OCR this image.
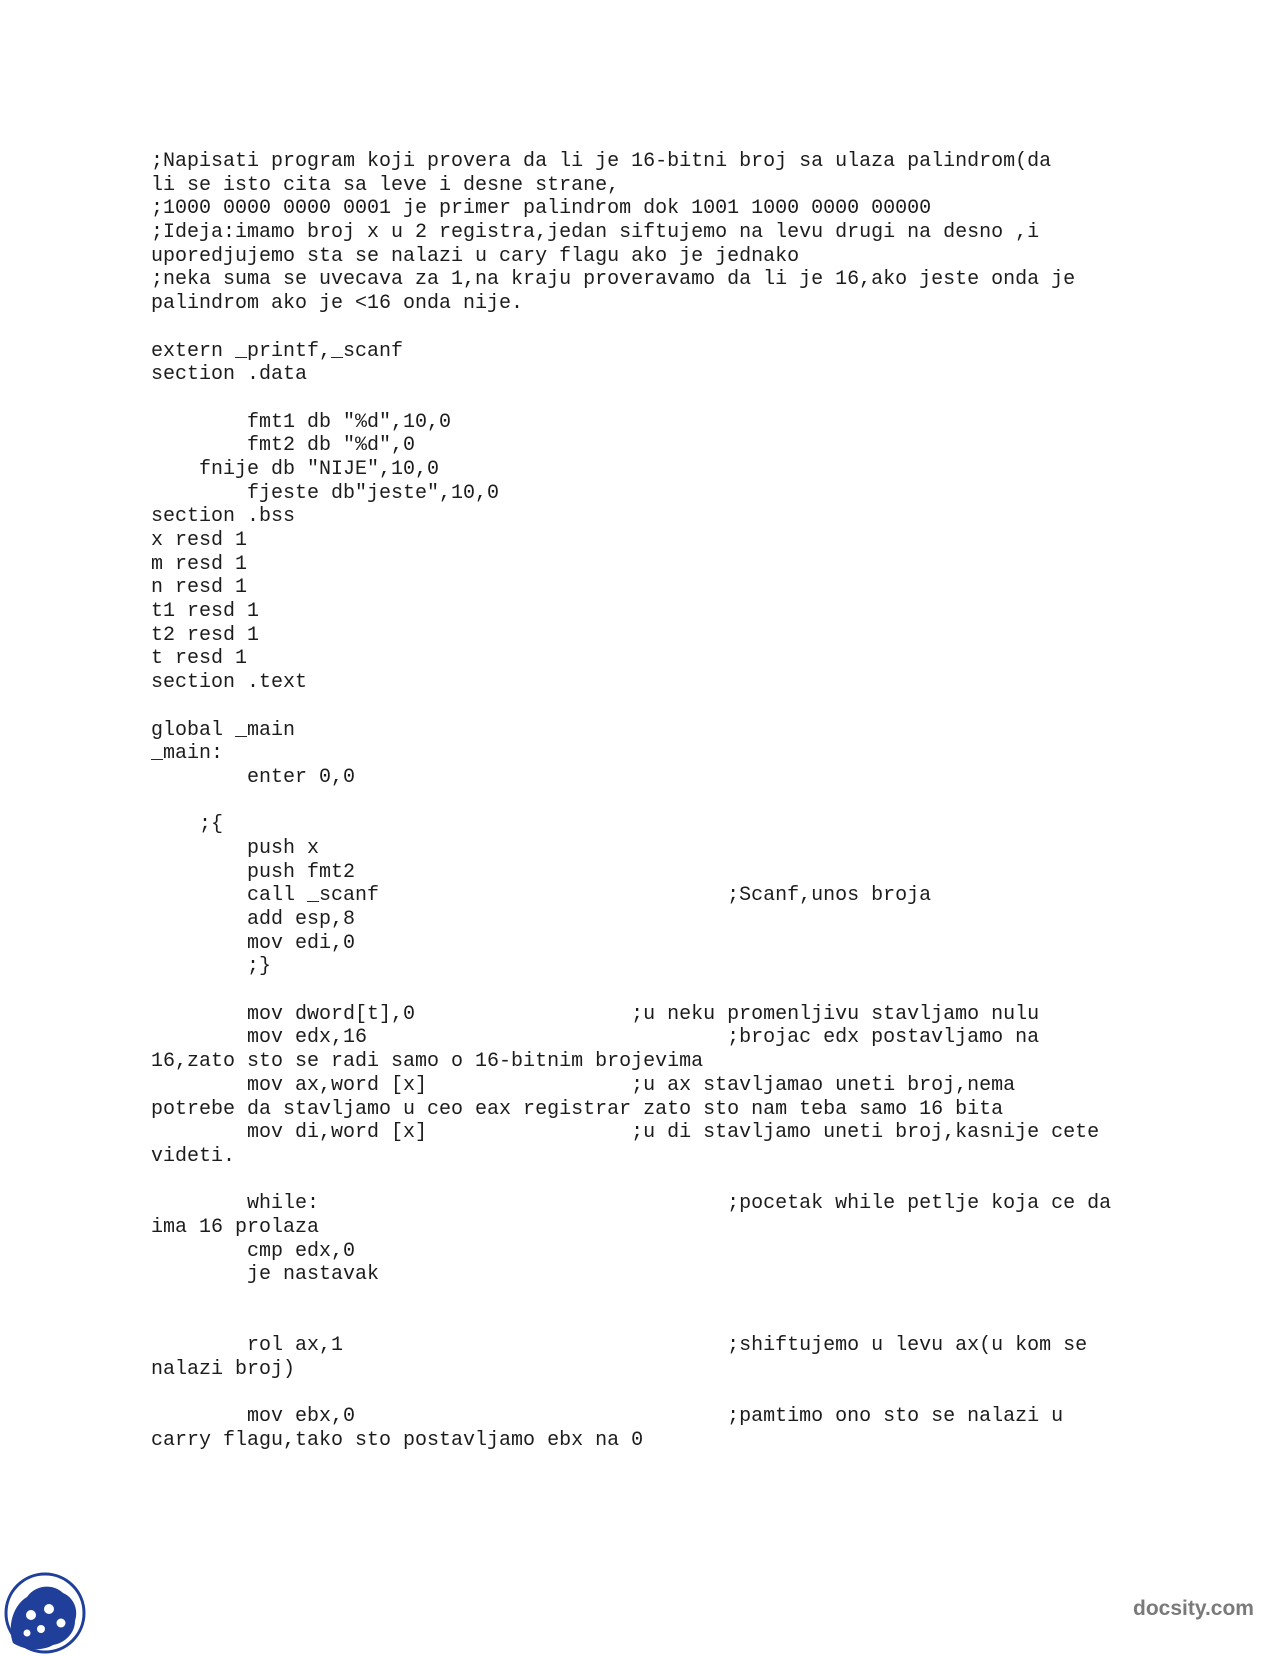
;Napisati program koji provera da li je 16-bitni broj sa ulaza palindrom(da
li se isto cita sa leve i desne strane,
;1000 0000 0000 0001 je primer palindrom dok 1001 1000 0000 00000
;Ideja:imamo broj x u 2 registra,jedan siftujemo na levu drugi na desno ,i
uporedjujemo sta se nalazi u cary flagu ako je jednako
;neka suma se uvecava za 1,na kraju proveravamo da li je 16,ako jeste onda je
palindrom ako je <16 onda nije.
extern _printf,_scanf
section .data
fmt1 db "%d",10,0
fmt2 db "%d",0
fnije db "NIJE",10,0
fjeste db"jeste",10,0
section .bss
x resd 1
m resd 1
n resd 1
t1 resd 1
t2 resd 1
t resd 1
section .text
global _main
_main:
enter 0,0
;{
push x
push fmt2
call _scanf                             ;Scanf,unos broja
add esp,8
mov edi,0
;}
mov dword[t],0                  ;u neku promenljivu stavljamo nulu
mov edx,16                              ;brojac edx postavljamo na
16,zato sto se radi samo o 16-bitnim brojevima
mov ax,word [x]                 ;u ax stavljamao uneti broj,nema
potrebe da stavljamo u ceo eax registrar zato sto nam teba samo 16 bita
mov di,word [x]                 ;u di stavljamo uneti broj,kasnije cete
videti.
while:                                  ;pocetak while petlje koja ce da
ima 16 prolaza
cmp edx,0
je nastavak
rol ax,1                                ;shiftujemo u levu ax(u kom se
nalazi broj)
mov ebx,0                               ;pamtimo ono sto se nalazi u
carry flagu,tako sto postavljamo ebx na 0
docsity.com
